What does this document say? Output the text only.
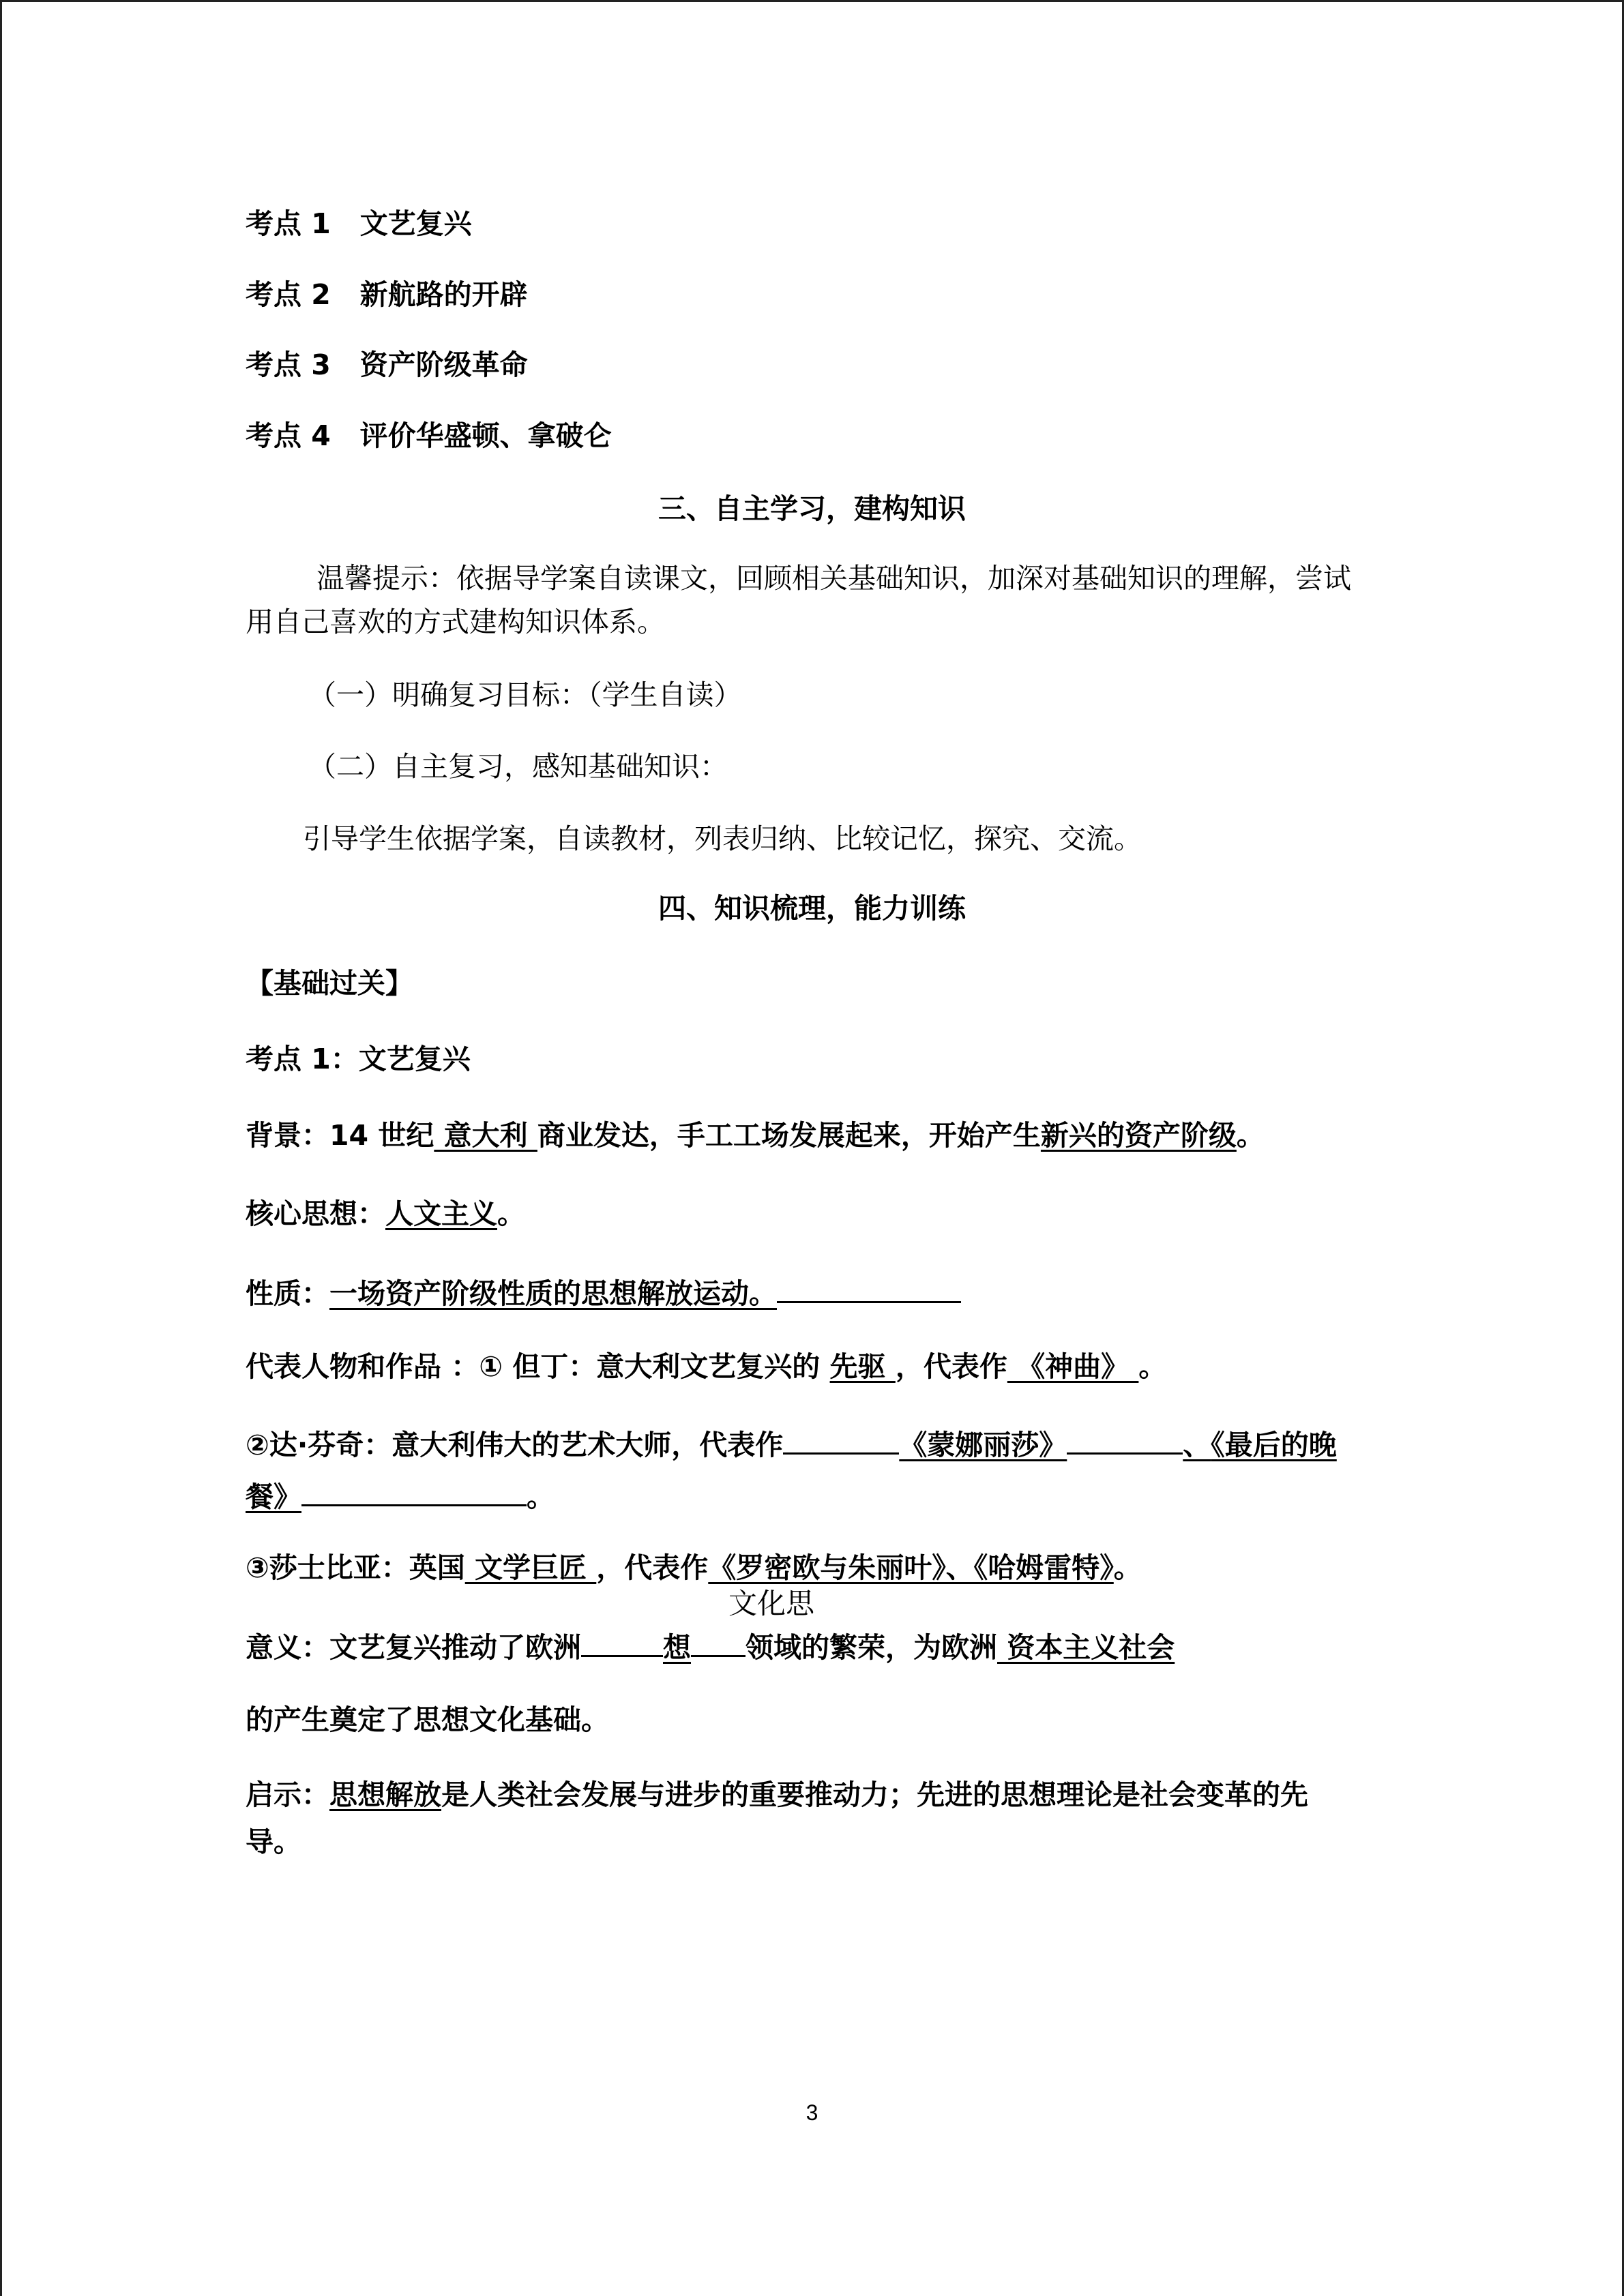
考点 1 文艺复兴
考点 2 新航路的开辟
考点 3 资产阶级革命
考点 4 评价华盛顿、拿破仑
三、自主学习，建构知识
温馨提示：依据导学案自读课文，回顾相关基础知识，加深对基础知识的理解，尝试
用自己喜欢的方式建构知识体系。
（一）明确复习目标：（学生自读）
（二）自主复习，感知基础知识：
引导学生依据学案，自读教材，列表归纳、比较记忆，探究、交流。
四、知识梳理，能力训练
【基础过关】
考点 1：文艺复兴
背景：14 世纪 意大利 商业发达，手工工场发展起来，开始产生新兴的资产阶级。
核心思想：人文主义。
性质：一场资产阶级性质的思想解放运动。
代表人物和作品 ：① 但丁：意大利文艺复兴的 先驱 ，代表作 《神曲》 。
②达·芬奇：意大利伟大的艺术大师，代表作	《蒙娜丽莎》	、《最后的晚
餐》	。
③莎士比亚：英国 文学巨匠 ，代表作《罗密欧与朱丽叶》、《哈姆雷特》。
文化思
意义：文艺复兴推动了欧洲	想 领域的繁荣，为欧洲 资本主义社会
的产生奠定了思想文化基础。
启示：思想解放是人类社会发展与进步的重要推动力；先进的思想理论是社会变革的先
导。
3
